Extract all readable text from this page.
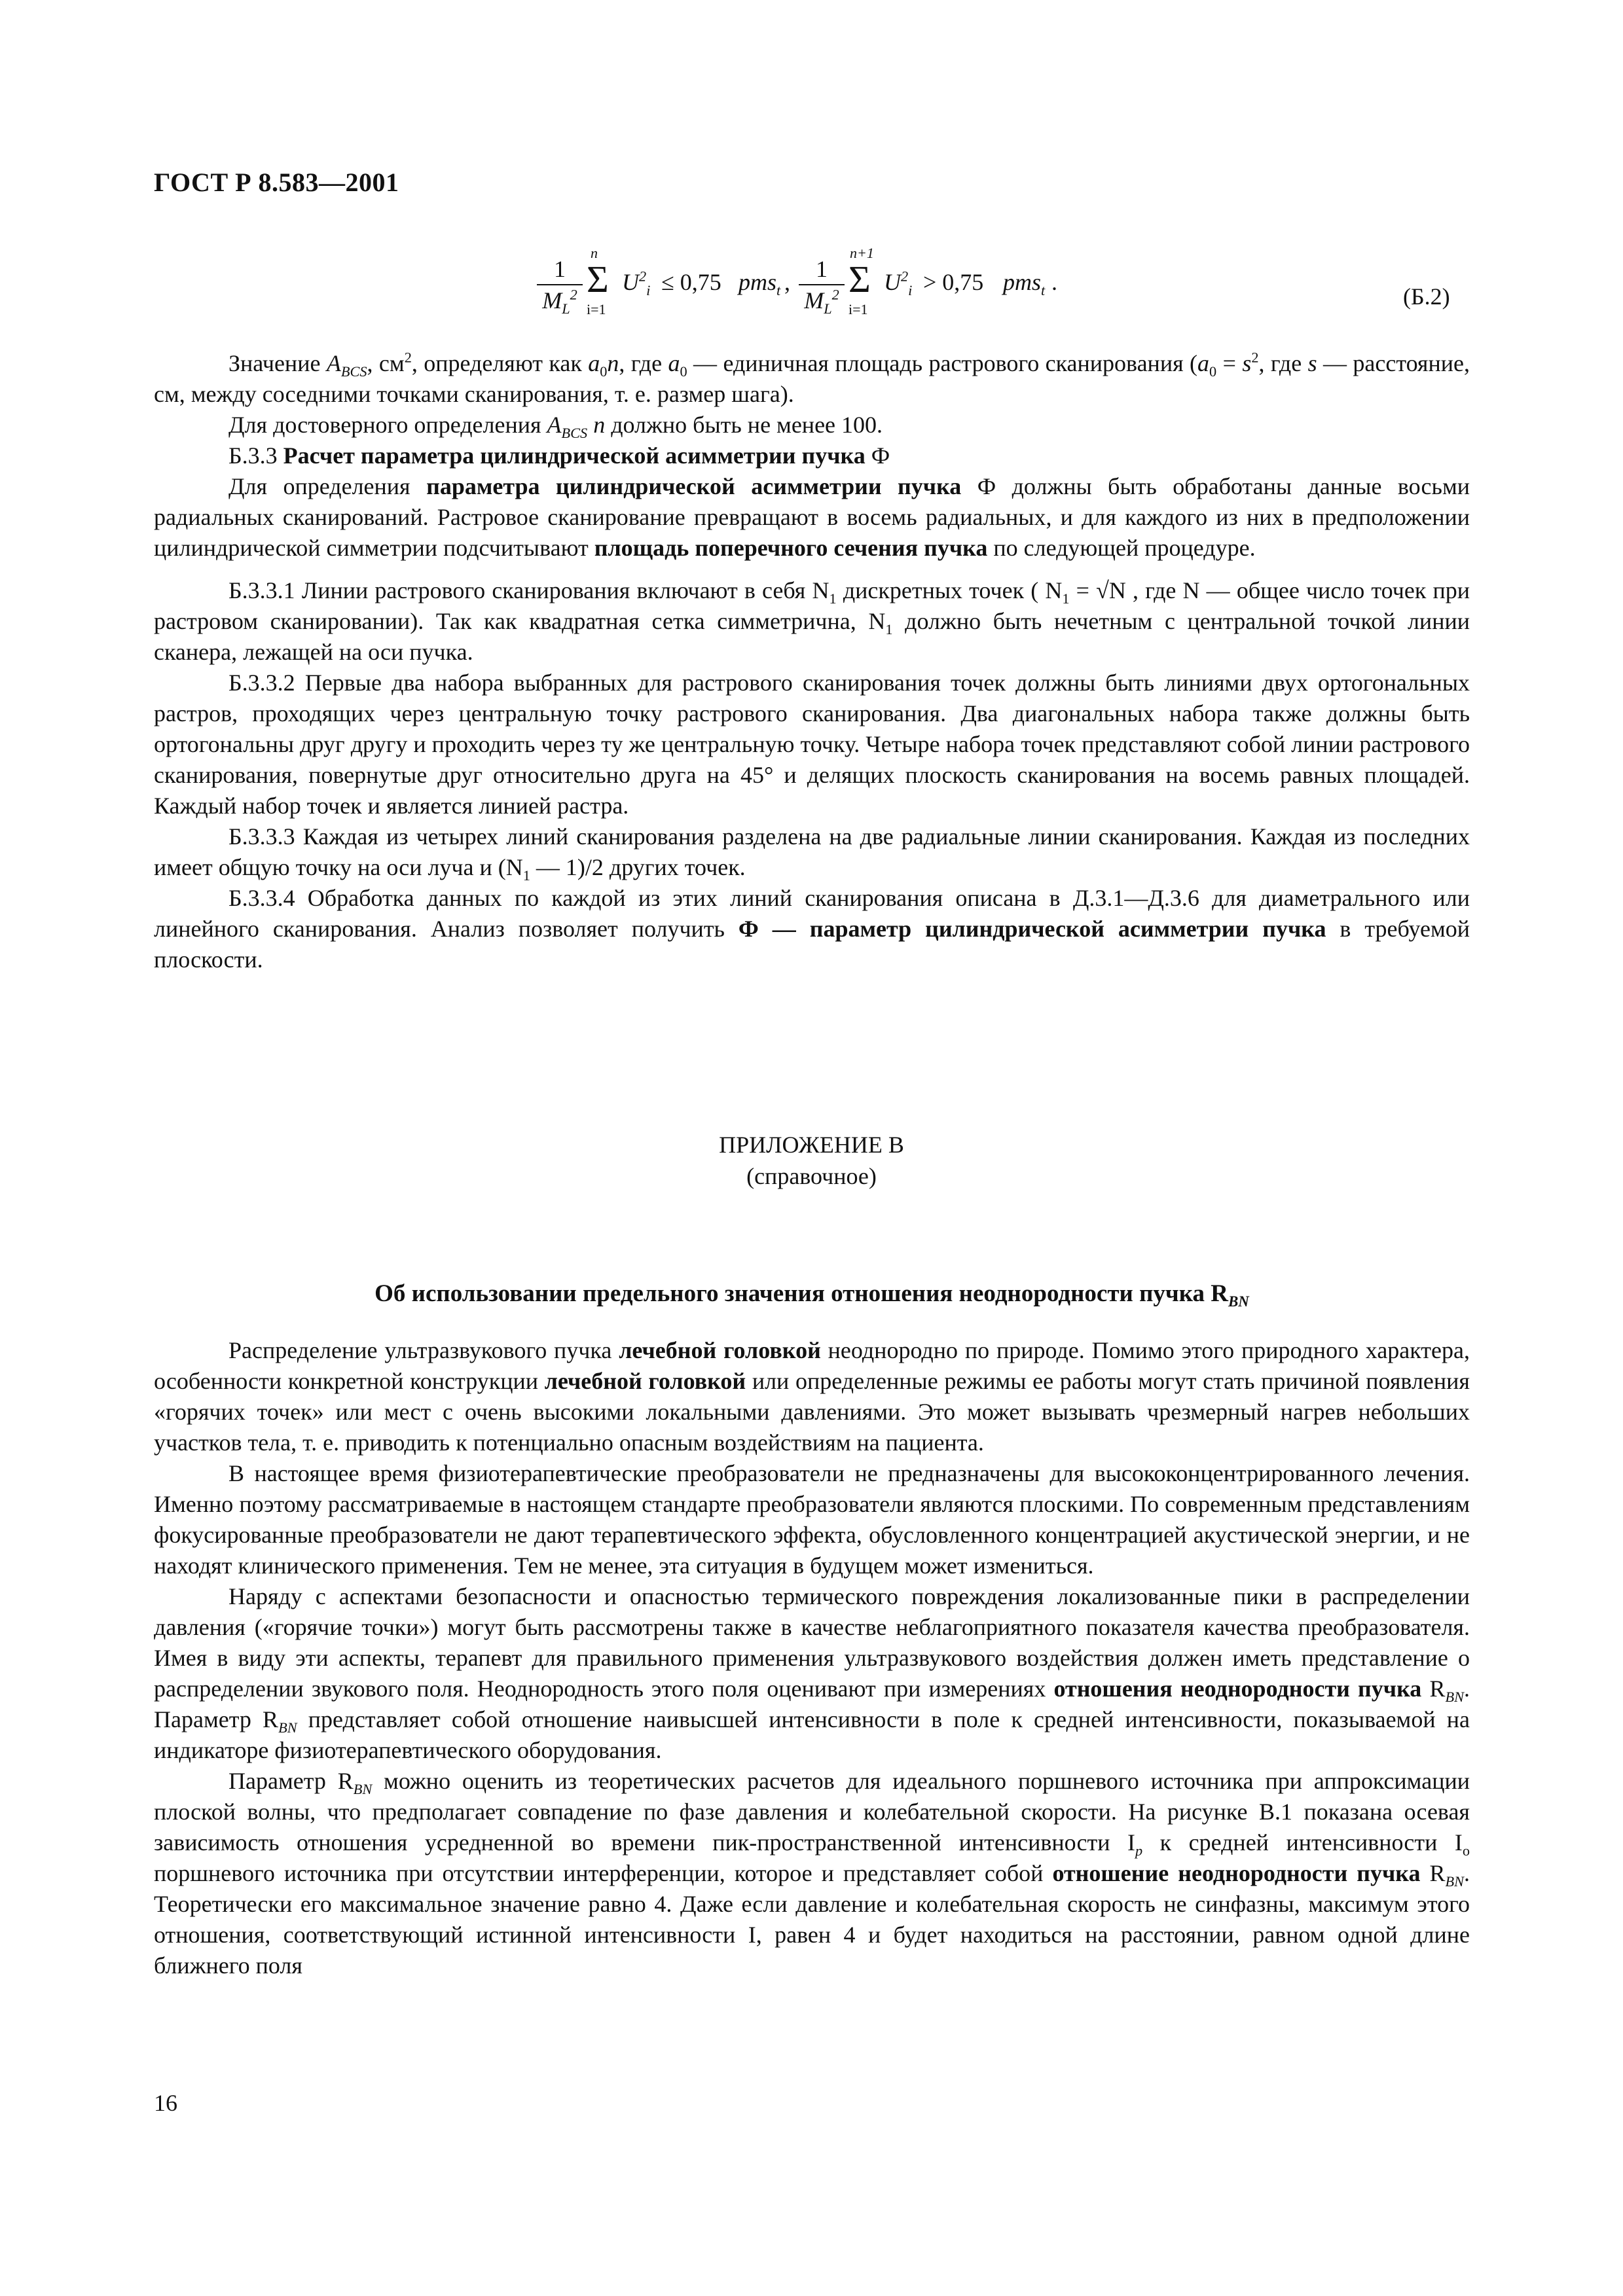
ГОСТ Р 8.583—2001
$\frac{1}{M_L^2}$
n
Σ
i=1
$U^2_i \le 0,75$ pms$_t$ , $\frac{1}{M_L^2}$
n+1
Σ
i=1
$U^2_i > 0,75$ pms$_t$ .
(Б.2)

Значение $A_{BCS}$, $см^2$, определяют как $a_0n$, где $a_0$ — единичная площадь растрового сканирования ($a_0 = s^2$, где s — расстояние, см, между соседними точками сканирования, т. е. размер шага).

Для достоверного определения $A_{BCS}$ n должно быть не менее 100.

Б.3.3 Расчет параметра цилиндрической асимметрии пучка Ф

Для определения параметра цилиндрической асимметрии пучка Ф должны быть обработаны данные восьми радиальных сканирований. Растровое сканирование превращают в восемь радиальных, и для каждого из них в предположении цилиндрической симметрии подсчитывают площадь поперечного сечения пучка по следующей процедуре.

Б.3.3.1 Линии растрового сканирования включают в себя $N_1$ дискретных точек ( $N_1 = √N$ , где N — общее число точек при растровом сканировании). Так как квадратная сетка симметрична, $N_1$ должно быть нечетным с центральной точкой линии сканера, лежащей на оси пучка.

Б.3.3.2 Первые два набора выбранных для растрового сканирования точек должны быть линиями двух ортогональных растров, проходящих через центральную точку растрового сканирования. Два диагональных набора также должны быть ортогональны друг другу и проходить через ту же центральную точку. Четыре набора точек представляют собой линии растрового сканирования, повернутые друг относительно друга на 45° и делящих плоскость сканирования на восемь равных площадей. Каждый набор точек и является линией растра.

Б.3.3.3 Каждая из четырех линий сканирования разделена на две радиальные линии сканирования. Каждая из последних имеет общую точку на оси луча и ($N_1$ — 1)/2 других точек.

Б.3.3.4 Обработка данных по каждой из этих линий сканирования описана в Д.3.1—Д.3.6 для диаметрального или линейного сканирования. Анализ позволяет получить Ф — параметр цилиндрической асимметрии пучка в требуемой плоскости.

ПРИЛОЖЕНИЕ В
(справочное)
Об использовании предельного значения отношения неоднородности пучка $R_{BN}$

Распределение ультразвукового пучка лечебной головкой неоднородно по природе. Помимо этого природного характера, особенности конкретной конструкции лечебной головкой или определенные режимы ее работы могут стать причиной появления «горячих точек» или мест с очень высокими локальными давлениями. Это может вызывать чрезмерный нагрев небольших участков тела, т. е. приводить к потенциально опасным воздействиям на пациента.

В настоящее время физиотерапевтические преобразователи не предназначены для высококонцентрированного лечения. Именно поэтому рассматриваемые в настоящем стандарте преобразователи являются плоскими. По современным представлениям фокусированные преобразователи не дают терапевтического эффекта, обусловленного концентрацией акустической энергии, и не находят клинического применения. Тем не менее, эта ситуация в будущем может измениться.

Наряду с аспектами безопасности и опасностью термического повреждения локализованные пики в распределении давления («горячие точки») могут быть рассмотрены также в качестве неблагоприятного показателя качества преобразователя. Имея в виду эти аспекты, терапевт для правильного применения ультразвукового воздействия должен иметь представление о распределении звукового поля. Неоднородность этого поля оценивают при измерениях отношения неоднородности пучка $R_{BN}$. Параметр $R_{BN}$ представляет собой отношение наивысшей интенсивности в поле к средней интенсивности, показываемой на индикаторе физиотерапевтического оборудования.

Параметр $R_{BN}$ можно оценить из теоретических расчетов для идеального поршневого источника при аппроксимации плоской волны, что предполагает совпадение по фазе давления и колебательной скорости. На рисунке В.1 показана осевая зависимость отношения усредненной во времени пик-пространственной интенсивности $I_p$ к средней интенсивности $I_o$ поршневого источника при отсутствии интерференции, которое и представляет собой отношение неоднородности пучка $R_{BN}$. Теоретически его максимальное значение равно 4. Даже если давление и колебательная скорость не синфазны, максимум этого отношения, соответствующий истинной интенсивности I, равен 4 и будет находиться на расстоянии, равном одной длине ближнего поля

16
